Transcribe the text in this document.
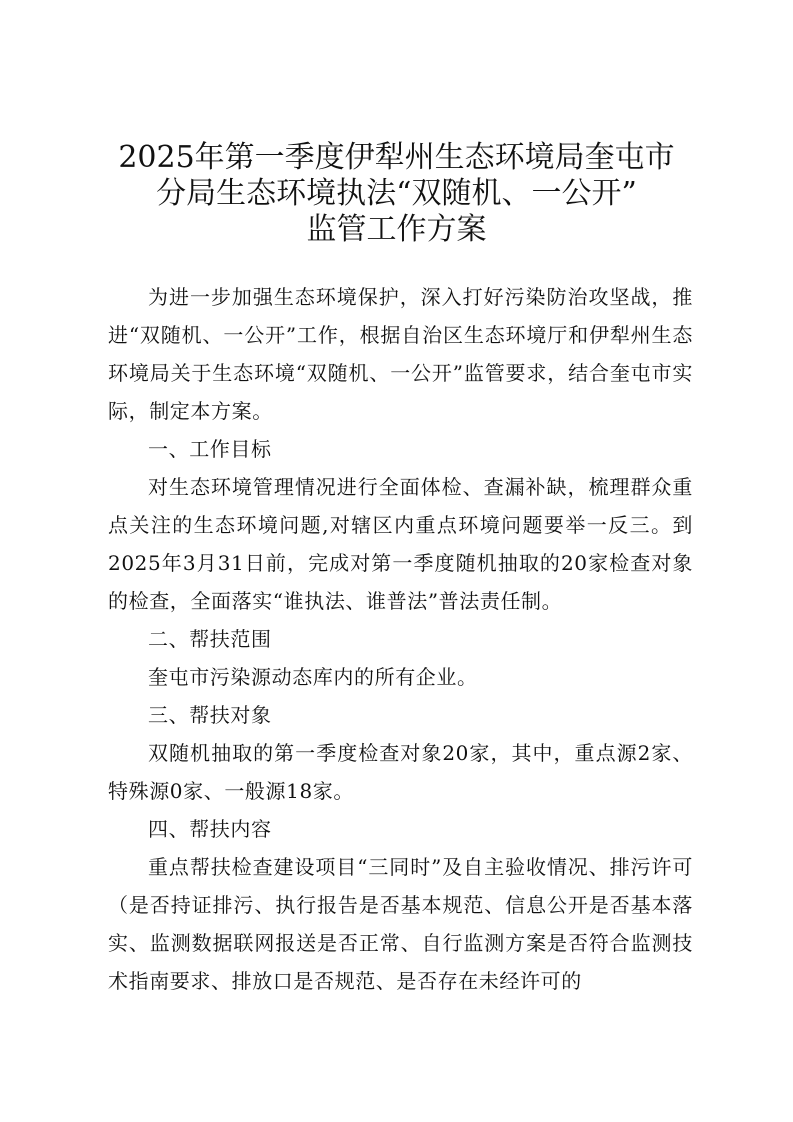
2025年第一季度伊犁州生态环境局奎屯市
分局生态环境执法“双随机、一公开”
监管工作方案

为进一步加强生态环境保护，深入打好污染防治攻坚战，推进“双随机、一公开”工作，根据自治区生态环境厅和伊犁州生态环境局关于生态环境“双随机、一公开”监管要求，结合奎屯市实际，制定本方案。

一、工作目标

对生态环境管理情况进行全面体检、查漏补缺，梳理群众重点关注的生态环境问题,对辖区内重点环境问题要举一反三。到2025年3月31日前，完成对第一季度随机抽取的20家检查对象的检查，全面落实“谁执法、谁普法”普法责任制。

二、帮扶范围

奎屯市污染源动态库内的所有企业。

三、帮扶对象

双随机抽取的第一季度检查对象20家，其中，重点源2家、特殊源0家、一般源18家。

四、帮扶内容

重点帮扶检查建设项目“三同时”及自主验收情况、排污许可（是否持证排污、执行报告是否基本规范、信息公开是否基本落实、监测数据联网报送是否正常、自行监测方案是否符合监测技术指南要求、排放口是否规范、是否存在未经许可的
